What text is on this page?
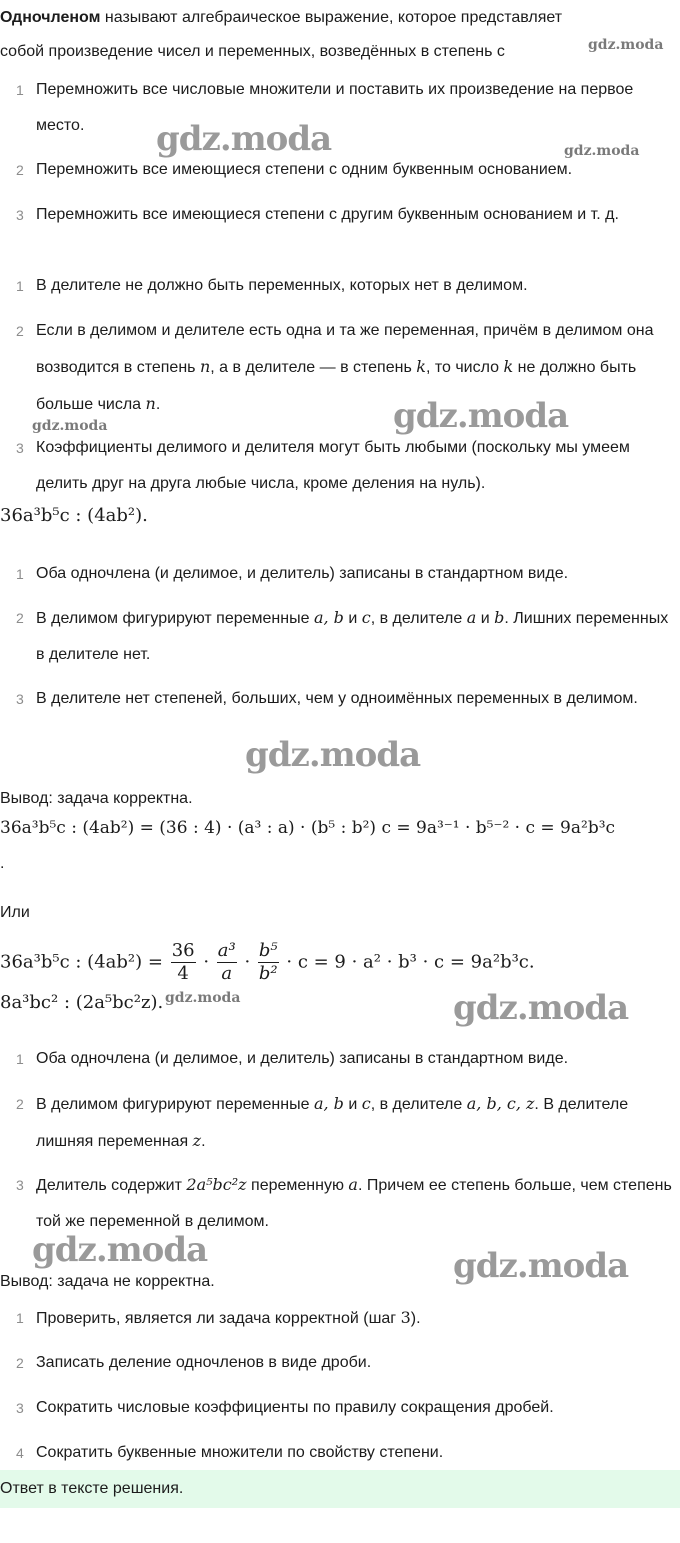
Одночленом называют алгебраическое выражение, которое представляет
собой произведение чисел и переменных, возведённых в степень с
1 Перемножить все числовые множители и поставить их произведение на первое место.
2 Перемножить все имеющиеся степени с одним буквенным основанием.
3 Перемножить все имеющиеся степени с другим буквенным основанием и т. д.
1 В делителе не должно быть переменных, которых нет в делимом.
2 Если в делимом и делителе есть одна и та же переменная, причём в делимом она возводится в степень n, а в делителе — в степень k, то число k не должно быть больше числа n.
3 Коэффициенты делимого и делителя могут быть любыми (поскольку мы умеем делить друг на друга любые числа, кроме деления на нуль).
36a³b⁵c : (4ab²).
1 Оба одночлена (и делимое, и делитель) записаны в стандартном виде.
2 В делимом фигурируют переменные a, b и c, в делителе a и b. Лишних переменных в делителе нет.
3 В делителе нет степеней, больших, чем у одноимённых переменных в делимом.
Вывод: задача корректна.
36a³b⁵c : (4ab²) = (36 : 4) · (a³ : a) · (b⁵ : b²) c = 9a³⁻¹ · b⁵⁻² · c = 9a²b³c
.
Или
36a³b⁵c : $(4ab^2) = \frac{36}{4} \cdot \frac{\text{a³}}{a} \cdot \frac{\text{b⁵}}{\text{b²}} \cdot c = 9 \cdot a^2 \cdot b^3 \cdot c = 9a^2b^3c$.
8a³bc² : (2a⁵bc²z).
1 Оба одночлена (и делимое, и делитель) записаны в стандартном виде.
2 В делимом фигурируют переменные a, b и c, в делителе a, b, c, z. В делителе лишняя переменная z.
3 Делитель содержит 2a⁵bc²z переменную a. Причем ее степень больше, чем степень той же переменной в делимом.
Вывод: задача не корректна.
1 Проверить, является ли задача корректной (шаг 3).
2 Записать деление одночленов в виде дроби.
3 Сократить числовые коэффициенты по правилу сокращения дробей.
4 Сократить буквенные множители по свойству степени.
Ответ в тексте решения.
gdz.moda
gdz.moda	gdz.moda
gdz.moda	gdz.moda
gdz.moda
gdz.moda	gdz.moda
gdz.moda	gdz.moda
